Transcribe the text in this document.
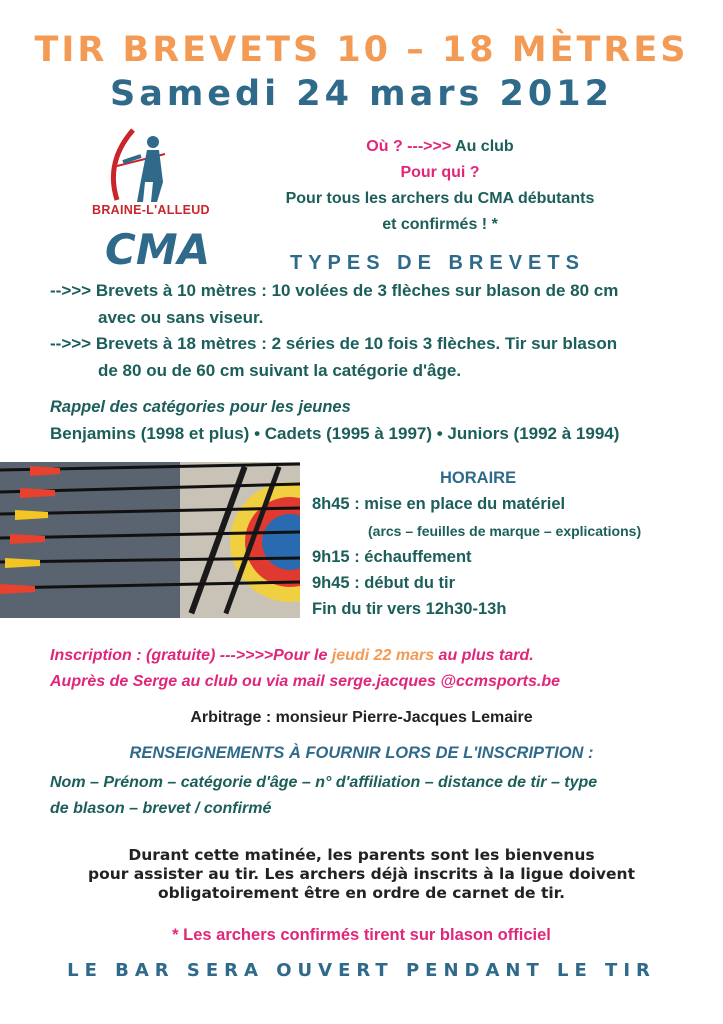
TIR BREVETS 10 – 18 MÈTRES
Samedi 24 mars 2012
CMA
BRAINE-L'ALLEUD
Où ? --->>> Au club
Pour qui ?
Pour tous les archers du CMA débutants
et confirmés ! *
TYPES DE BREVETS
-->>> Brevets à 10 mètres : 10 volées de 3 flèches sur blason de 80 cm
avec ou sans viseur.
-->>> Brevets à 18 mètres : 2 séries de 10 fois 3 flèches. Tir sur blason
de 80 ou de 60 cm suivant la catégorie d'âge.
Rappel des catégories pour les jeunes
Benjamins (1998 et plus) • Cadets (1995 à 1997) • Juniors (1992 à 1994)
HORAIRE
8h45 : mise en place du matériel
(arcs – feuilles de marque – explications)
9h15 : échauffement
9h45 : début du tir
Fin du tir vers 12h30-13h
Inscription : (gratuite) --->>>>Pour le jeudi 22 mars au plus tard.
Auprès de Serge au club ou via mail serge.jacques @ccmsports.be
Arbitrage : monsieur Pierre-Jacques Lemaire
RENSEIGNEMENTS À FOURNIR LORS DE L'INSCRIPTION :
Nom – Prénom – catégorie d'âge – n° d'affiliation – distance de tir – type
de blason – brevet / confirmé
Durant cette matinée, les parents sont les bienvenus
pour assister au tir. Les archers déjà inscrits à la ligue doivent
obligatoirement être en ordre de carnet de tir.
* Les archers confirmés tirent sur blason officiel
LE BAR SERA OUVERT PENDANT LE TIR
